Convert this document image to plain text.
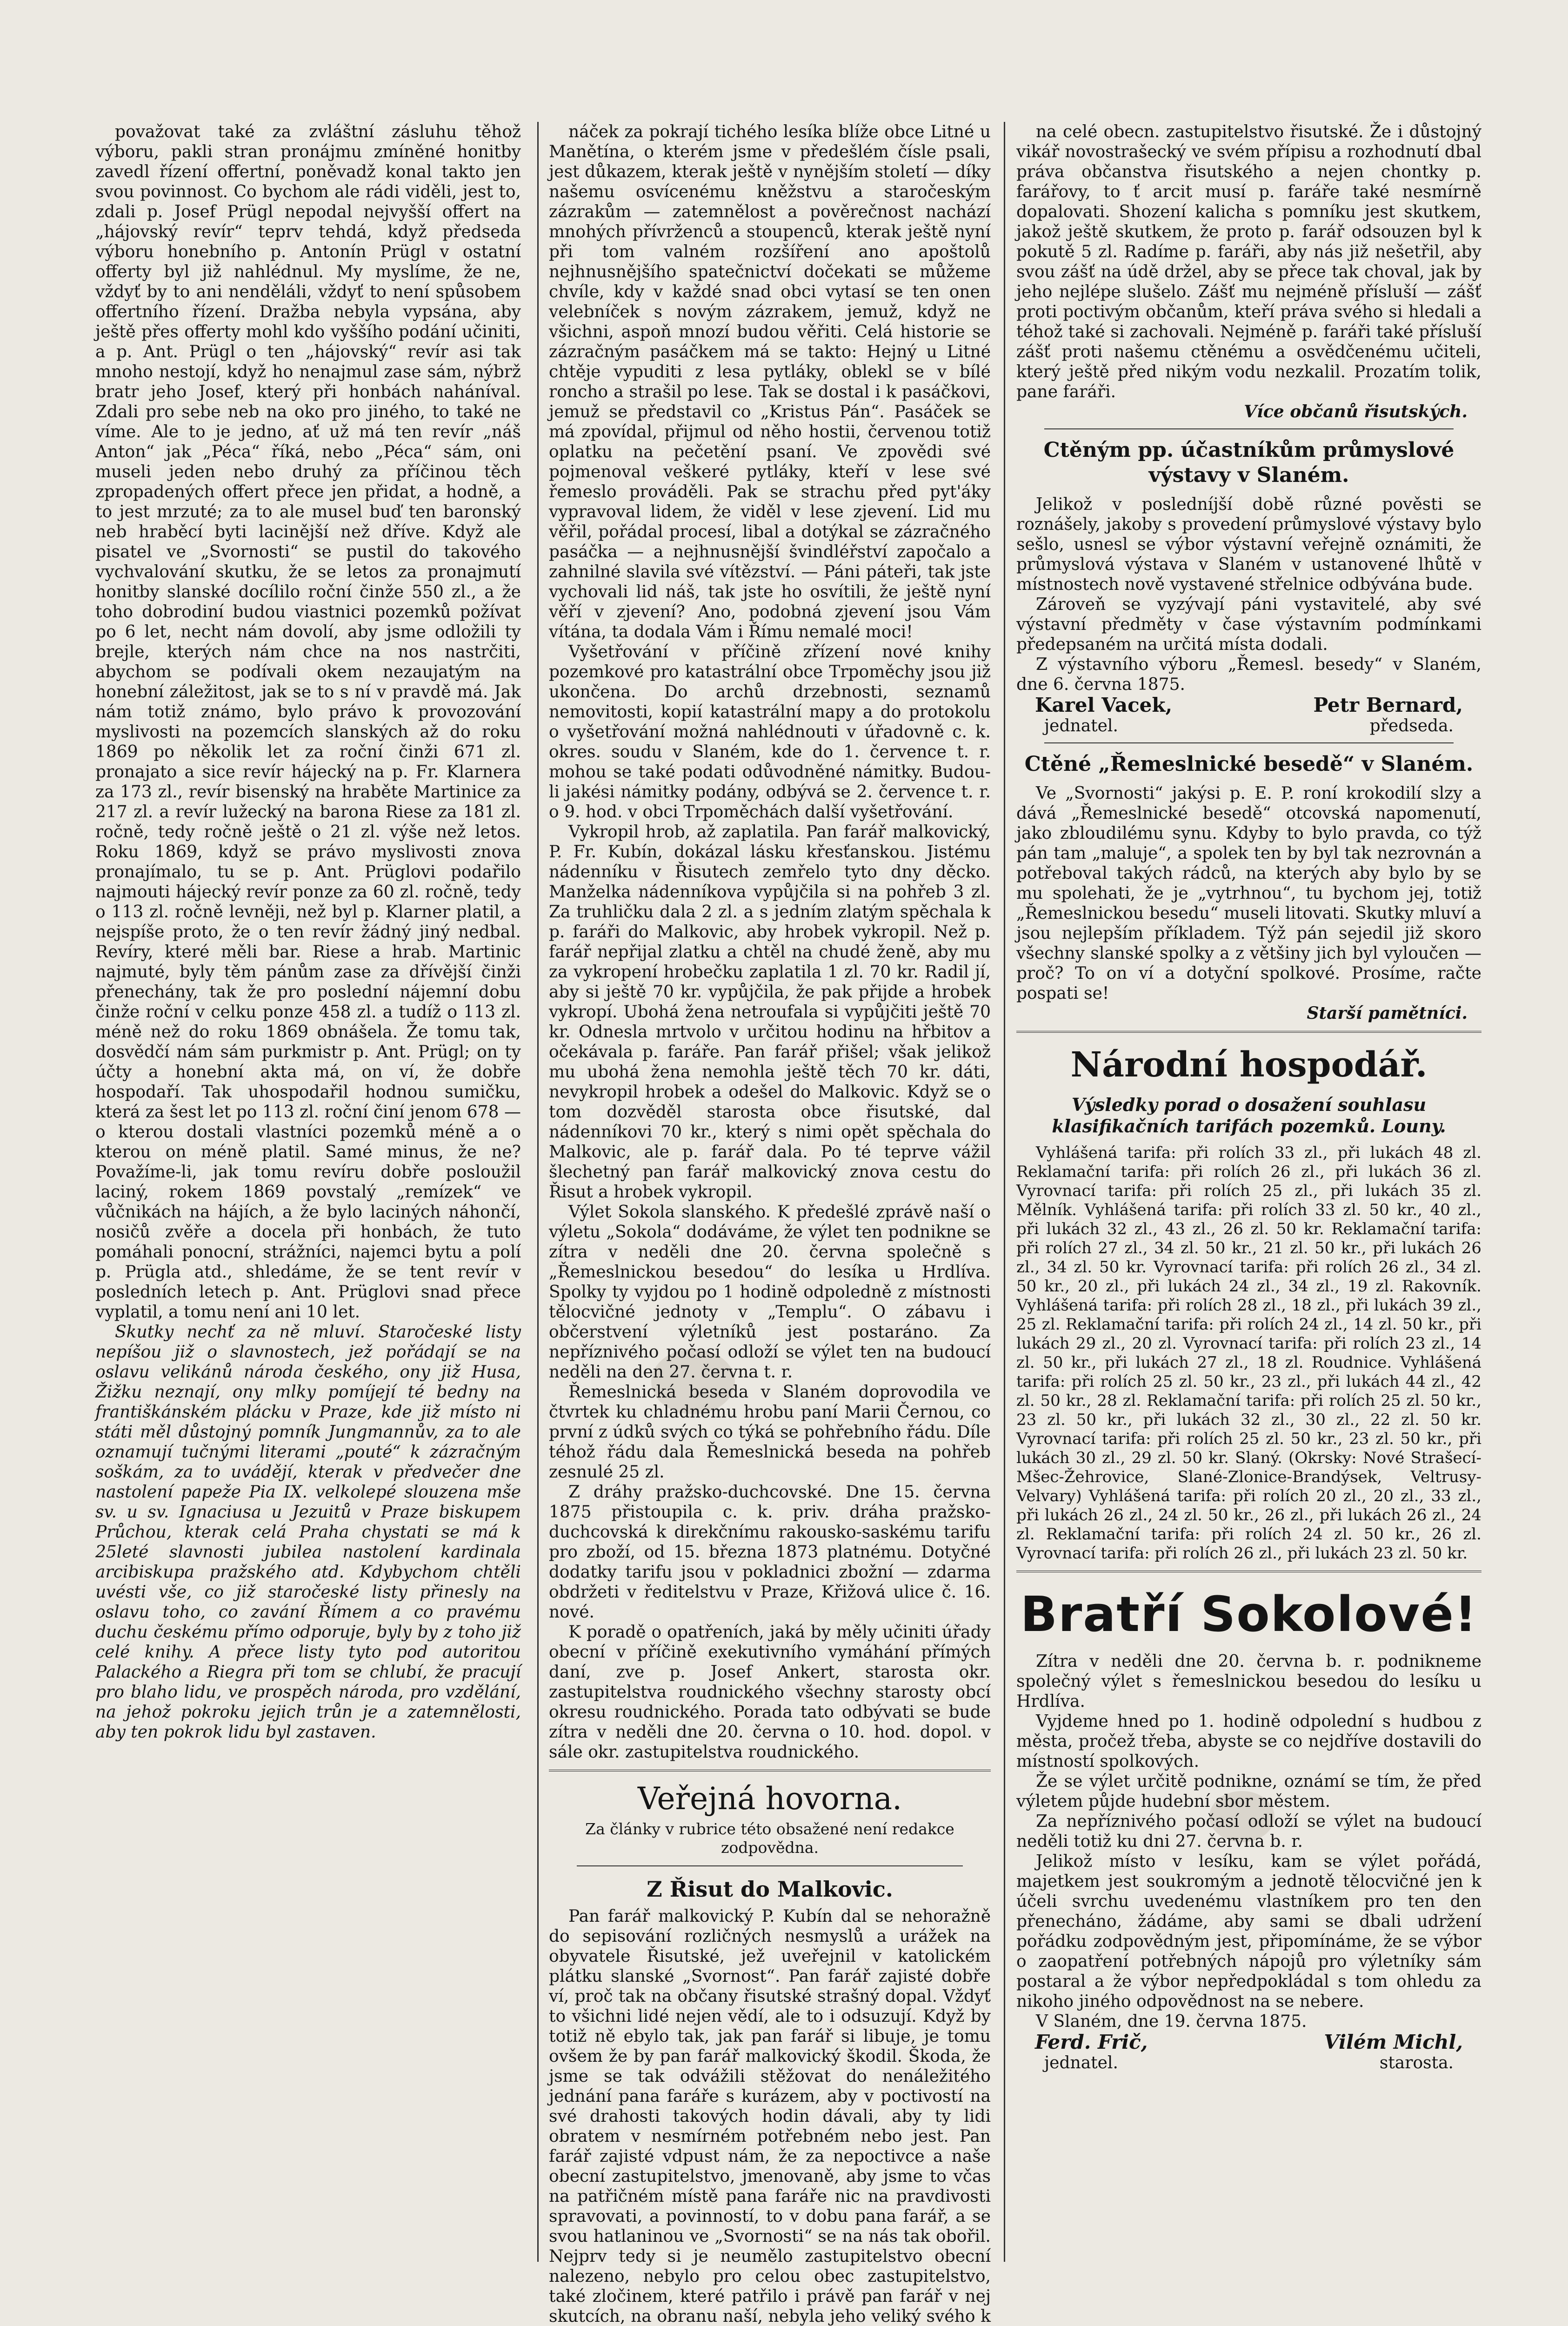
považovat také za zvláštní zásluhu těhož výboru, pakli stran pronájmu zmíněné honitby zavedl řízení offertní, poněvadž konal takto jen svou povinnost. Co bychom ale rádi viděli, jest to, zdali p. Josef Prügl nepodal nejvyšší offert na „hájovský revír“ teprv tehdá, když předseda výboru honebního p. Antonín Prügl v ostatní offerty byl již nahlédnul. My myslíme, že ne, vždyť by to ani nenděláli, vždyť to není spůsobem offertního řízení. Dražba nebyla vypsána, aby ještě přes offerty mohl kdo vyššího podání učiniti, a p. Ant. Prügl o ten „hájovský“ revír asi tak mnoho nestojí, když ho nenajmul zase sám, nýbrž bratr jeho Josef, který při honbách naháníval. Zdali pro sebe neb na oko pro jiného, to také ne víme. Ale to je jedno, ať už má ten revír „náš Anton“ jak „Péca“ říká, nebo „Péca“ sám, oni museli jeden nebo druhý za příčinou těch zpropadených offert přece jen přidat, a hodně, a to jest mrzuté; za to ale musel buď ten baronský neb hraběcí byti lacinější než dříve. Když ale pisatel ve „Svornosti“ se pustil do takového vychvalování skutku, že se letos za pronajmutí honitby slanské docílilo roční činže 550 zl., a že toho dobrodiní budou viastnici pozemků požívat po 6 let, necht nám dovolí, aby jsme odložili ty brejle, kterých nám chce na nos nastrčiti, abychom se podívali okem nezaujatým na honební záležitost, jak se to s ní v pravdě má. Jak nám totiž známo, bylo právo k provozování myslivosti na pozemcích slanských až do roku 1869 po několik let za roční činži 671 zl. pronajato a sice revír hájecký na p. Fr. Klarnera za 173 zl., revír bisenský na hraběte Martinice za 217 zl. a revír lužecký na barona Riese za 181 zl. ročně, tedy ročně ještě o 21 zl. výše než letos. Roku 1869, když se právo myslivosti znova pronajímalo, tu se p. Ant. Prüglovi podařilo najmouti hájecký revír ponze za 60 zl. ročně, tedy o 113 zl. ročně levněji, než byl p. Klarner platil, a nejspíše proto, že o ten revír žádný jiný nedbal. Revíry, které měli bar. Riese a hrab. Martinic najmuté, byly těm pánům zase za dřívější činži přenechány, tak že pro poslední nájemní dobu činže roční v celku ponze 458 zl. a tudíž o 113 zl. méně než do roku 1869 obnášela. Že tomu tak, dosvědčí nám sám purkmistr p. Ant. Prügl; on ty účty a honební akta má, on ví, že dobře hospodaří. Tak uhospodařil hodnou sumičku, která za šest let po 113 zl. roční činí jenom 678 — o kterou dostali vlastníci pozemků méně a o kterou on méně platil. Samé minus, že ne? Považíme-li, jak tomu revíru dobře posloužil laciný, rokem 1869 povstalý „remízek“ ve vůčnikách na hájích, a že bylo laciných náhončí, nosičů zvěře a docela při honbách, že tuto pomáhali ponocní, strážníci, najemci bytu a polí p. Prügla atd., shledáme, že se tent revír v posledních letech p. Ant. Prüglovi snad přece vyplatil, a tomu není ani 10 let.

Skutky nechť za ně mluví. Staročeské listy nepíšou již o slavnostech, jež pořádají se na oslavu velikánů národa českého, ony již Husa, Žižku neznají, ony mlky pomíjejí té bedny na františkánském plácku v Praze, kde již místo ni státi měl důstojný pomník Jungmannův, za to ale oznamují tučnými literami „pouté“ k zázračným soškám, za to uvádějí, kterak v předvečer dne nastolení papeže Pia IX. velkolepé slouzena mše sv. u sv. Ignaciusa u Jezuitů v Praze biskupem Průchou, kterak celá Praha chystati se má k 25leté slavnosti jubilea nastolení kardinala arcibiskupa pražského atd. Kdybychom chtěli uvésti vše, co již staročeské listy přinesly na oslavu toho, co zavání Římem a co pravému duchu českému přímo odporuje, byly by z toho již celé knihy. A přece listy tyto pod autoritou Palackého a Riegra při tom se chlubí, že pracují pro blaho lidu, ve prospěch národa, pro vzdělání, na jehož pokroku jejich trůn je a zatemnělosti, aby ten pokrok lidu byl zastaven.

náček za pokrají tichého lesíka blíže obce Litné u Manětína, o kterém jsme v předešlém čísle psali, jest důkazem, kterak ještě v nynějším století — díky našemu osvícenému kněžstvu a staročeským zázrakům — zatemnělost a pověrečnost nachází mnohých přívrženců a stoupenců, kterak ještě nyní při tom valném rozšíření ano apoštolů nejhnusnějšího spatečnictví dočekati se můžeme chvíle, kdy v každé snad obci vytasí se ten onen velebníček s novým zázrakem, jemuž, když ne všichni, aspoň mnozí budou věřiti. Celá historie se zázračným pasáčkem má se takto: Hejný u Litné chtěje vypuditi z lesa pytláky, oblekl se v bílé roncho a strašil po lese. Tak se dostal i k pasáčkovi, jemuž se představil co „Kristus Pán“. Pasáček se má zpovídal, přijmul od něho hostii, červenou totiž oplatku na pečetění psaní. Ve zpovědi své pojmenoval veškeré pytláky, kteří v lese své řemeslo prováděli. Pak se strachu před pyt'áky vypravoval lidem, že viděl v lese zjevení. Lid mu věřil, pořádal procesí, libal a dotýkal se zázračného pasáčka — a nejhnusnější švindléřství započalo a zahnilné slavila své vítězství. — Páni páteři, tak jste vychovali lid náš, tak jste ho osvítili, že ještě nyní věří v zjevení? Ano, podobná zjevení jsou Vám vítána, ta dodala Vám i Římu nemalé moci!

Vyšetřování v příčině zřízení nové knihy pozemkové pro katastrální obce Trpoměchy jsou již ukončena. Do archů drzebnosti, seznamů nemovitosti, kopií katastrální mapy a do protokolu o vyšetřování možná nahlédnouti v úřadovně c. k. okres. soudu v Slaném, kde do 1. července t. r. mohou se také podati odůvodněné námitky. Budou-li jakési námitky podány, odbývá se 2. července t. r. o 9. hod. v obci Trpoměchách další vyšetřování.

Vykropil hrob, až zaplatila. Pan farář malkovický, P. Fr. Kubín, dokázal lásku křesťanskou. Jistému nádenníku v Řisutech zemřelo tyto dny děcko. Manželka nádenníkova vypůjčila si na pohřeb 3 zl. Za truhličku dala 2 zl. a s jedním zlatým spěchala k p. faráři do Malkovic, aby hrobek vykropil. Než p. farář nepřijal zlatku a chtěl na chudé ženě, aby mu za vykropení hrobečku zaplatila 1 zl. 70 kr. Radil jí, aby si ještě 70 kr. vypůjčila, že pak přijde a hrobek vykropí. Ubohá žena netroufala si vypůjčiti ještě 70 kr. Odnesla mrtvolo v určitou hodinu na hřbitov a očekávala p. faráře. Pan farář přišel; však jelikož mu ubohá žena nemohla ještě těch 70 kr. dáti, nevykropil hrobek a odešel do Malkovic. Když se o tom dozvěděl starosta obce řisutské, dal nádenníkovi 70 kr., který s nimi opět spěchala do Malkovic, ale p. farář dala. Po té teprve vážil šlechetný pan farář malkovický znova cestu do Řisut a hrobek vykropil.

Výlet Sokola slanského. K předešlé zprávě naší o výletu „Sokola“ dodáváme, že výlet ten podnikne se zítra v neděli dne 20. června společně s „Řemeslnickou besedou“ do lesíka u Hrdlíva. Spolky ty vyjdou po 1 hodině odpoledně z místnosti tělocvičné jednoty v „Templu“. O zábavu i občerstvení výletníků jest postaráno. Za nepříznivého počasí odloží se výlet ten na budoucí neděli na den 27. června t. r.

Řemeslnická beseda v Slaném doprovodila ve čtvrtek ku chladnému hrobu paní Marii Černou, co první z údků svých co týká se pohřebního řádu. Díle téhož řádu dala Řemeslnická beseda na pohřeb zesnulé 25 zl.

Z dráhy pražsko-duchcovské. Dne 15. června 1875 přistoupila c. k. priv. dráha pražsko-duchcovská k direkčnímu rakousko-saskému tarifu pro zboží, od 15. března 1873 platnému. Dotyčné dodatky tarifu jsou v pokladnici zbožní — zdarma obdržeti v ředitelstvu v Praze, Křižová ulice č. 16. nové.

K poradě o opatřeních, jaká by měly učiniti úřady obecní v příčině exekutivního vymáhání přímých daní, zve p. Josef Ankert, starosta okr. zastupitelstva roudnického všechny starosty obcí okresu roudnického. Porada tato odbývati se bude zítra v neděli dne 20. června o 10. hod. dopol. v sále okr. zastupitelstva roudnického.

Veřejná hovorna.
Za články v rubrice této obsažené není redakce zodpovědna.
Z Řisut do Malkovic.

Pan farář malkovický P. Kubín dal se nehoražně do sepisování rozličných nesmyslů a urážek na obyvatele Řisutské, jež uveřejnil v katolickém plátku slanské „Svornost“. Pan farář zajisté dobře ví, proč tak na občany řisutské strašný dopal. Vždyť to všichni lidé nejen vědí, ale to i odsuzují. Když by totiž ně ebylo tak, jak pan farář si libuje, je tomu ovšem že by pan farář malkovický škodil. Škoda, že jsme se tak odvážili stěžovat do nenáležitého jednání pana faráře s kurázem, aby v poctivostí na své drahosti takových hodin dávali, aby ty lidi obratem v nesmírném potřebném nebo jest. Pan farář zajisté vdpust nám, že za nepoctivce a naše obecní zastupitelstvo, jmenovaně, aby jsme to včas na patřičném místě pana faráře nic na pravdivosti spravovati, a povinností, to v dobu pana farář, a se svou hatlaninou ve „Svornosti“ se na nás tak obořil. Nejprv tedy si je neumělo zastupitelstvo obecní nalezeno, nebylo pro celou obec zastupitelstvo, také zločinem, které patřilo i právě pan farář v nej skutcích, na obranu naší, nebyla jeho veliký svého k

na celé obecn. zastupitelstvo řisutské. Že i důstojný vikář novostrašecký ve svém přípisu a rozhodnutí dbal práva občanstva řisutského a nejen chontky p. farářovy, to ť arcit musí p. faráře také nesmírně dopalovati. Shození kalicha s pomníku jest skutkem, jakož ještě skutkem, že proto p. farář odsouzen byl k pokutě 5 zl. Radíme p. faráři, aby nás již nešetřil, aby svou zášť na údě držel, aby se přece tak choval, jak by jeho nejlépe slušelo. Zášť mu nejméně přísluší — zášť proti poctivým občanům, kteří práva svého si hledali a téhož také si zachovali. Nejméně p. faráři také přísluší zášť proti našemu ctěnému a osvědčenému učiteli, který ještě před nikým vodu nezkalil. Prozatím tolik, pane faráři.

Více občanů řisutských.
Ctěným pp. účastníkům průmyslové výstavy v Slaném.

Jelikož v posledníjší době různé pověsti se roznášely, jakoby s provedení průmyslové výstavy bylo sešlo, usnesl se výbor výstavní veřejně oznámiti, že průmyslová výstava v Slaném v ustanovené lhůtě v místnostech nově vystavené střelnice odbývána bude.

Zároveň se vyzývají páni vystavitelé, aby své výstavní předměty v čase výstavním podmínkami předepsaném na určitá místa dodali.

Z výstavního výboru „Řemesl. besedy“ v Slaném, dne 6. června 1875.

Karel Vacek,	Petr Bernard,
jednatel.	předseda.
Ctěné „Řemeslnické besedě“ v Slaném.

Ve „Svornosti“ jakýsi p. E. P. roní krokodilí slzy a dává „Řemeslnické besedě“ otcovská napomenutí, jako zbloudilému synu. Kdyby to bylo pravda, co týž pán tam „maluje“, a spolek ten by byl tak nezrovnán a potřeboval takých rádců, na kterých aby bylo by se mu spolehati, že je „vytrhnou“, tu bychom jej, totiž „Řemeslnickou besedu“ museli litovati. Skutky mluví a jsou nejlepším příkladem. Týž pán sejedil již skoro všechny slanské spolky a z většiny jich byl vyloučen — proč? To on ví a dotyční spolkové. Prosíme, račte pospati se!

Starší pamětníci.
Národní hospodář.
Výsledky porad o dosažení souhlasu klasifikačních tarifách pozemků. Louny.

Vyhlášená tarifa: při rolích 33 zl., při lukách 48 zl. Reklamační tarifa: při rolích 26 zl., při lukách 36 zl. Vyrovnací tarifa: při rolích 25 zl., při lukách 35 zl. Mělník. Vyhlášená tarifa: při rolích 33 zl. 50 kr., 40 zl., při lukách 32 zl., 43 zl., 26 zl. 50 kr. Reklamační tarifa: při rolích 27 zl., 34 zl. 50 kr., 21 zl. 50 kr., při lukách 26 zl., 34 zl. 50 kr. Vyrovnací tarifa: při rolích 26 zl., 34 zl. 50 kr., 20 zl., při lukách 24 zl., 34 zl., 19 zl. Rakovník. Vyhlášená tarifa: při rolích 28 zl., 18 zl., při lukách 39 zl., 25 zl. Reklamační tarifa: při rolích 24 zl., 14 zl. 50 kr., při lukách 29 zl., 20 zl. Vyrovnací tarifa: při rolích 23 zl., 14 zl. 50 kr., při lukách 27 zl., 18 zl. Roudnice. Vyhlášená tarifa: při rolích 25 zl. 50 kr., 23 zl., při lukách 44 zl., 42 zl. 50 kr., 28 zl. Reklamační tarifa: při rolích 25 zl. 50 kr., 23 zl. 50 kr., při lukách 32 zl., 30 zl., 22 zl. 50 kr. Vyrovnací tarifa: při rolích 25 zl. 50 kr., 23 zl. 50 kr., při lukách 30 zl., 29 zl. 50 kr. Slaný. (Okrsky: Nové Strašecí-Mšec-Žehrovice, Slané-Zlonice-Brandýsek, Veltrusy-Velvary) Vyhlášená tarifa: při rolích 20 zl., 20 zl., 33 zl., při lukách 26 zl., 24 zl. 50 kr., 26 zl., při lukách 26 zl., 24 zl. Reklamační tarifa: při rolích 24 zl. 50 kr., 26 zl. Vyrovnací tarifa: při rolích 26 zl., při lukách 23 zl. 50 kr.

Bratří Sokolové!

Zítra v neděli dne 20. června b. r. podnikneme společný výlet s řemeslnickou besedou do lesíku u Hrdlíva.

Vyjdeme hned po 1. hodině odpolední s hudbou z města, pročež třeba, abyste se co nejdříve dostavili do místností spolkových.

Že se výlet určitě podnikne, oznámí se tím, že před výletem půjde hudební sbor městem.

Za nepříznivého počasí odloží se výlet na budoucí neděli totiž ku dni 27. června b. r.

Jelikož místo v lesíku, kam se výlet pořádá, majetkem jest soukromým a jednotě tělocvičné jen k účeli svrchu uvedenému vlastníkem pro ten den přenecháno, žádáme, aby sami se dbali udržení pořádku zodpovědným jest, připomínáme, že se výbor o zaopatření potřebných nápojů pro výletníky sám postaral a že výbor nepředpokládal s tom ohledu za nikoho jiného odpovědnost na se nebere.

V Slaném, dne 19. června 1875.

Ferd. Frič,	Vilém Michl,
jednatel.	starosta.
